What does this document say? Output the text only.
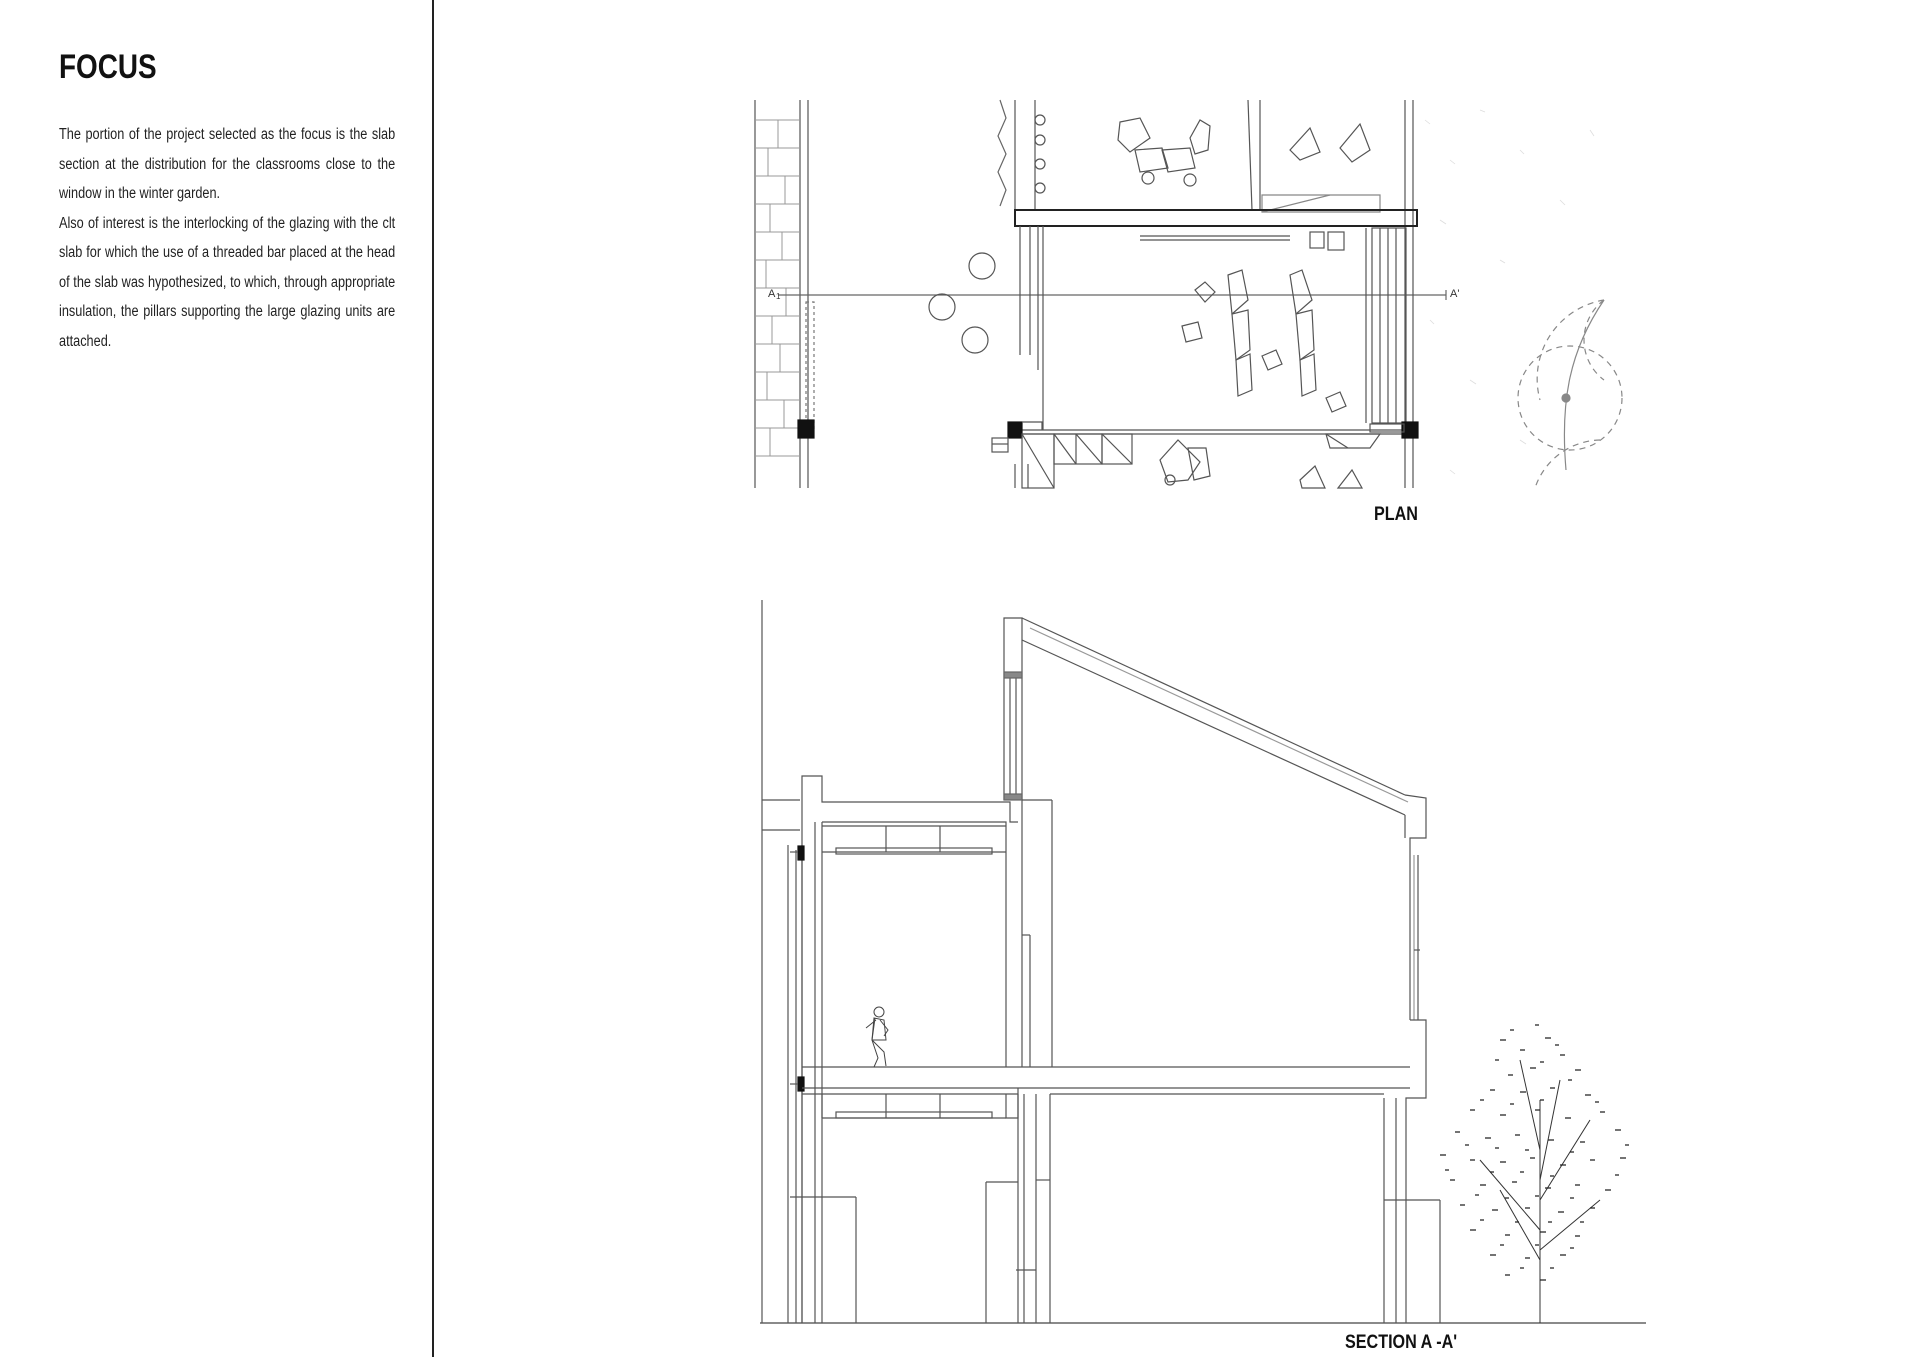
FOCUS

The portion of the project selected as the focus is the slab section at the distribution for the classrooms close to the window in the winter garden.

Also of interest is the interlocking of the glazing with the clt slab for which the use of a threaded bar placed at the head of the slab was hypothesized, to which, through appropriate insulation, the pillars supporting the large glazing units are attached.

A 1	A'
PLAN
SECTION A -A'
